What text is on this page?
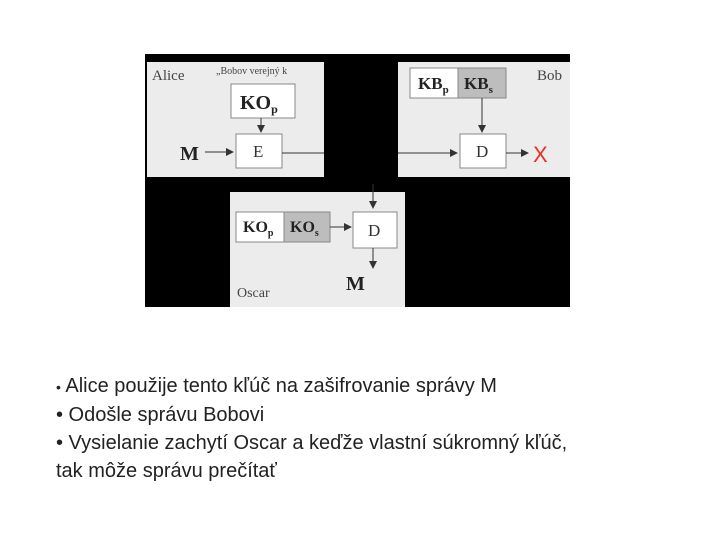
Alice	„Bobov verejný k
$KO_p$
E
M
Bob
$KB_p$ $KB_s$
D X
$KO_p$ $KO_s$	D
M
Oscar

• Alice použije tento kľúč na zašifrovanie správy M

• Odošle správu Bobovi

• Vysielanie zachytí Oscar a keďže vlastní súkromný kľúč,

tak môže správu prečítať
